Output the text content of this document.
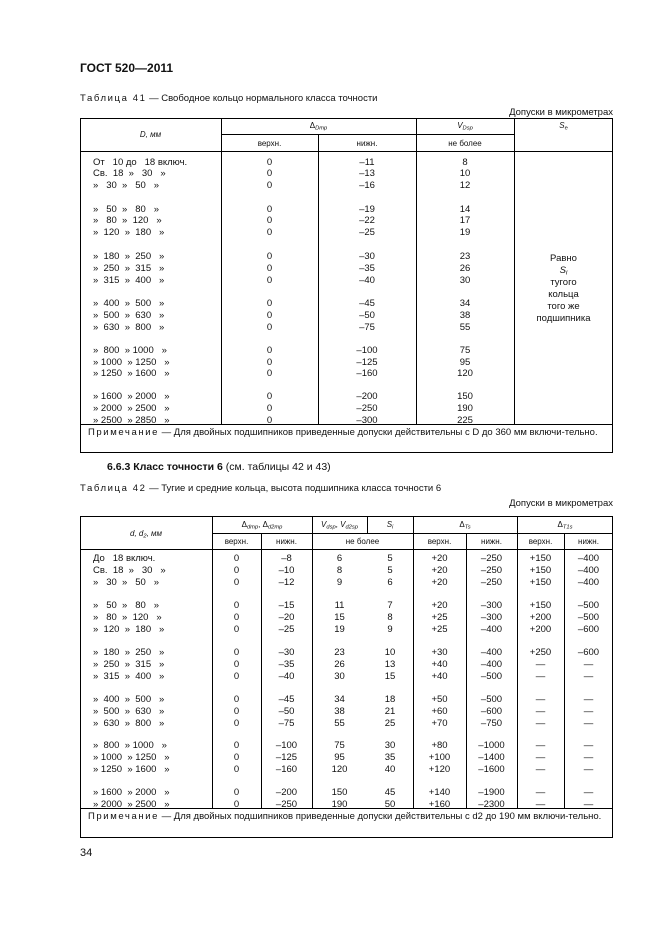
ГОСТ 520—2011
Таблица 41 — Свободное кольцо нормального класса точности
Допуски в микрометрах
D, мм
$\Delta_{Dmp}$	$V_{Dsp}$	$S_e$
верхн.	нижн.	не более
От   10 до   18 включ.	0	–11	8
Св.  18  »   30   »	0	–13	10
»   30  »   50   »	0	–16	12
»   50  »   80   »	0	–19	14
»   80  »  120   »	0	–22	17
»  120  »  180   »	0	–25	19
»  180  »  250   »	0	–30	23
»  250  »  315   »	0	–35	26
»  315  »  400   »	0	–40	30
»  400  »  500   »	0	–45	34
»  500  »  630   »	0	–50	38
»  630  »  800   »	0	–75	55
»  800  » 1000   »	0	–100	75
» 1000  » 1250   »	0	–125	95
» 1250  » 1600   »	0	–160	120
» 1600  » 2000   »	0	–200	150
» 2000  » 2500   »	0	–250	190
» 2500  » 2850   »	0	–300	225
Равно
$S_i$
тугого
кольца
того же
подшипника
Примечание — Для двойных подшипников приведенные допуски действительны с D до 360 мм включи-тельно.
6.6.3 Класс точности 6 (см. таблицы 42 и 43)
Таблица 42 — Тугие и средние кольца, высота подшипника класса точности 6
Допуски в микрометрах
d, $d_2$, мм
$\Delta_{dmp}$, $\Delta_{d2mp}$	$V_{dsp}$, $V_{d2sp}$	$S_i$	$\Delta_{Ts}$	$\Delta_{T1s}$
верхн.	нижн.	не более	верхн.	нижн.	верхн.	нижн.
До   18 включ.	0	–8	6	5	+20	–250	+150	–400
Св.  18  »   30   »	0	–10	8	5	+20	–250	+150	–400
»   30  »   50   »	0	–12	9	6	+20	–250	+150	–400
»   50  »   80   »	0	–15	11	7	+20	–300	+150	–500
»   80  »  120   »	0	–20	15	8	+25	–300	+200	–500
»  120  »  180   »	0	–25	19	9	+25	–400	+200	–600
»  180  »  250   »	0	–30	23	10	+30	–400	+250	–600
»  250  »  315   »	0	–35	26	13	+40	–400	—	—
»  315  »  400   »	0	–40	30	15	+40	–500	—	—
»  400  »  500   »	0	–45	34	18	+50	–500	—	—
»  500  »  630   »	0	–50	38	21	+60	–600	—	—
»  630  »  800   »	0	–75	55	25	+70	–750	—	—
»  800  » 1000   »	0	–100	75	30	+80	–1000	—	—
» 1000  » 1250   »	0	–125	95	35	+100	–1400	—	—
» 1250  » 1600   »	0	–160	120	40	+120	–1600	—	—
» 1600  » 2000   »	0	–200	150	45	+140	–1900	—	—
» 2000  » 2500   »	0	–250	190	50	+160	–2300	—	—
Примечание — Для двойных подшипников приведенные допуски действительны с d2 до 190 мм включи-тельно.
34
